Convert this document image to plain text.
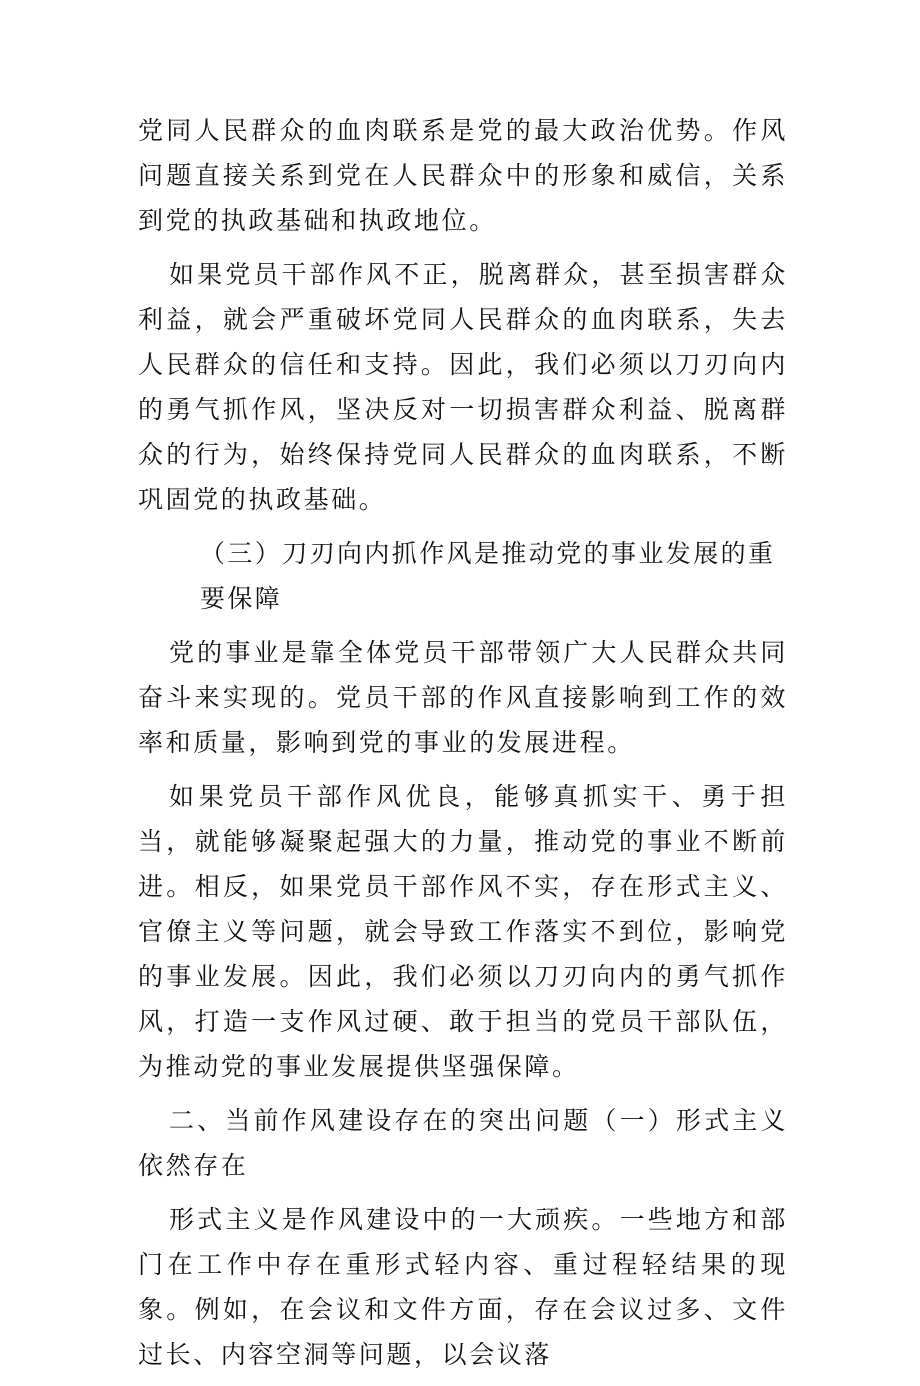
党同人民群众的血肉联系是党的最大政治优势。作风问题直接关系到党在人民群众中的形象和威信，关系到党的执政基础和执政地位。

如果党员干部作风不正，脱离群众，甚至损害群众利益，就会严重破坏党同人民群众的血肉联系，失去人民群众的信任和支持。因此，我们必须以刀刃向内的勇气抓作风，坚决反对一切损害群众利益、脱离群众的行为，始终保持党同人民群众的血肉联系，不断巩固党的执政基础。

（三）刀刃向内抓作风是推动党的事业发展的重要保障

党的事业是靠全体党员干部带领广大人民群众共同奋斗来实现的。党员干部的作风直接影响到工作的效率和质量，影响到党的事业的发展进程。

如果党员干部作风优良，能够真抓实干、勇于担当，就能够凝聚起强大的力量，推动党的事业不断前进。相反，如果党员干部作风不实，存在形式主义、官僚主义等问题，就会导致工作落实不到位，影响党的事业发展。因此，我们必须以刀刃向内的勇气抓作风，打造一支作风过硬、敢于担当的党员干部队伍，为推动党的事业发展提供坚强保障。

二、当前作风建设存在的突出问题（一）形式主义依然存在

形式主义是作风建设中的一大顽疾。一些地方和部门在工作中存在重形式轻内容、重过程轻结果的现象。例如，在会议和文件方面，存在会议过多、文件过长、内容空洞等问题，以会议落
